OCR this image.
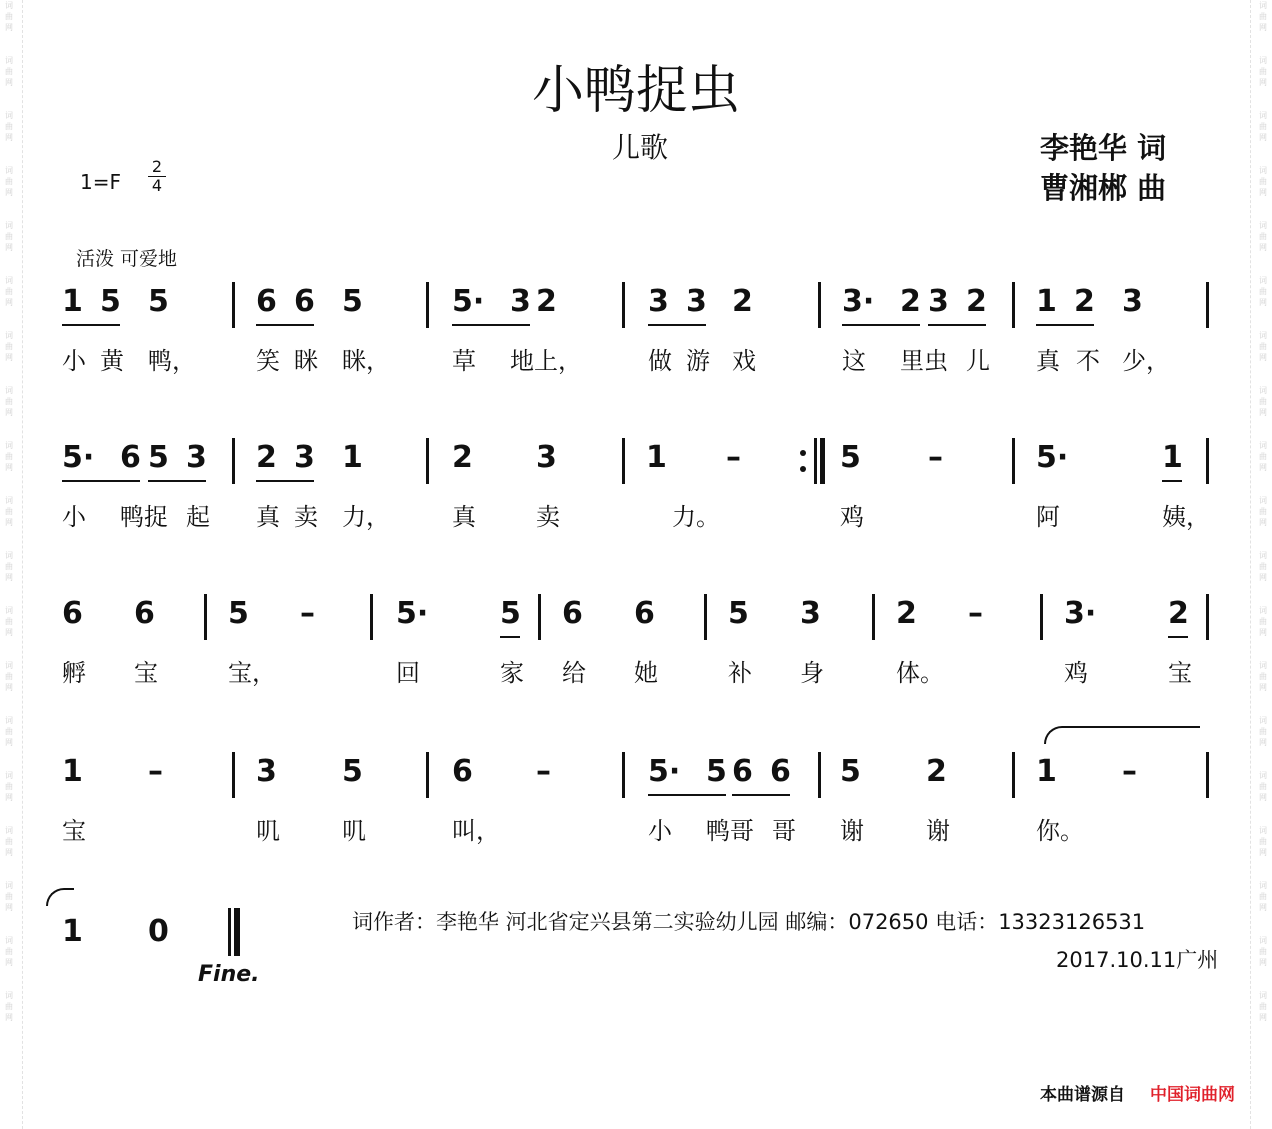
词
曲
网

词
曲
网

词
曲
网

词
曲
网

词
曲
网

词
曲
网

词
曲
网

词
曲
网

词
曲
网

词
曲
网

词
曲
网

词
曲
网

词
曲
网

词
曲
网

词
曲
网

词
曲
网

词
曲
网

词
曲
网

词
曲
网
词
曲
网

词
曲
网

词
曲
网

词
曲
网

词
曲
网

词
曲
网

词
曲
网

词
曲
网

词
曲
网

词
曲
网

词
曲
网

词
曲
网

词
曲
网

词
曲
网

词
曲
网

词
曲
网

词
曲
网

词
曲
网

词
曲
网
小鸭捉虫
儿歌	李艳华 词
曹湘郴 曲
1=F
2
4
活泼 可爱地
1 5 5	6 6 5	5· 3 2	3 3 2	3· 2 3 2 1 2 3
小 黄 鸭，	笑 眯 眯，	草 地上，	做 游 戏	这 里虫 儿 真 不 少，
5· 6 5 3 2 3 1	2 3	1 –	5 –	5·	1
小 鸭捉 起 真 卖 力，	真	卖	力。	鸡	阿	姨，
6 6 5 –	5· 5 6 6 5 3	2 –	3· 2
孵 宝	宝，	回	家 给 她	补 身	体。	鸡	宝
1 –	3 5	6 –	5· 5 6 6 5 2	1 –
宝	叽	叽	叫，	小 鸭哥 哥 谢	谢	你。
1 0
Fine.
词作者：李艳华 河北省定兴县第二实验幼儿园 邮编：072650 电话：13323126531
2017.10.11广州
本曲谱源自 中国词曲网
